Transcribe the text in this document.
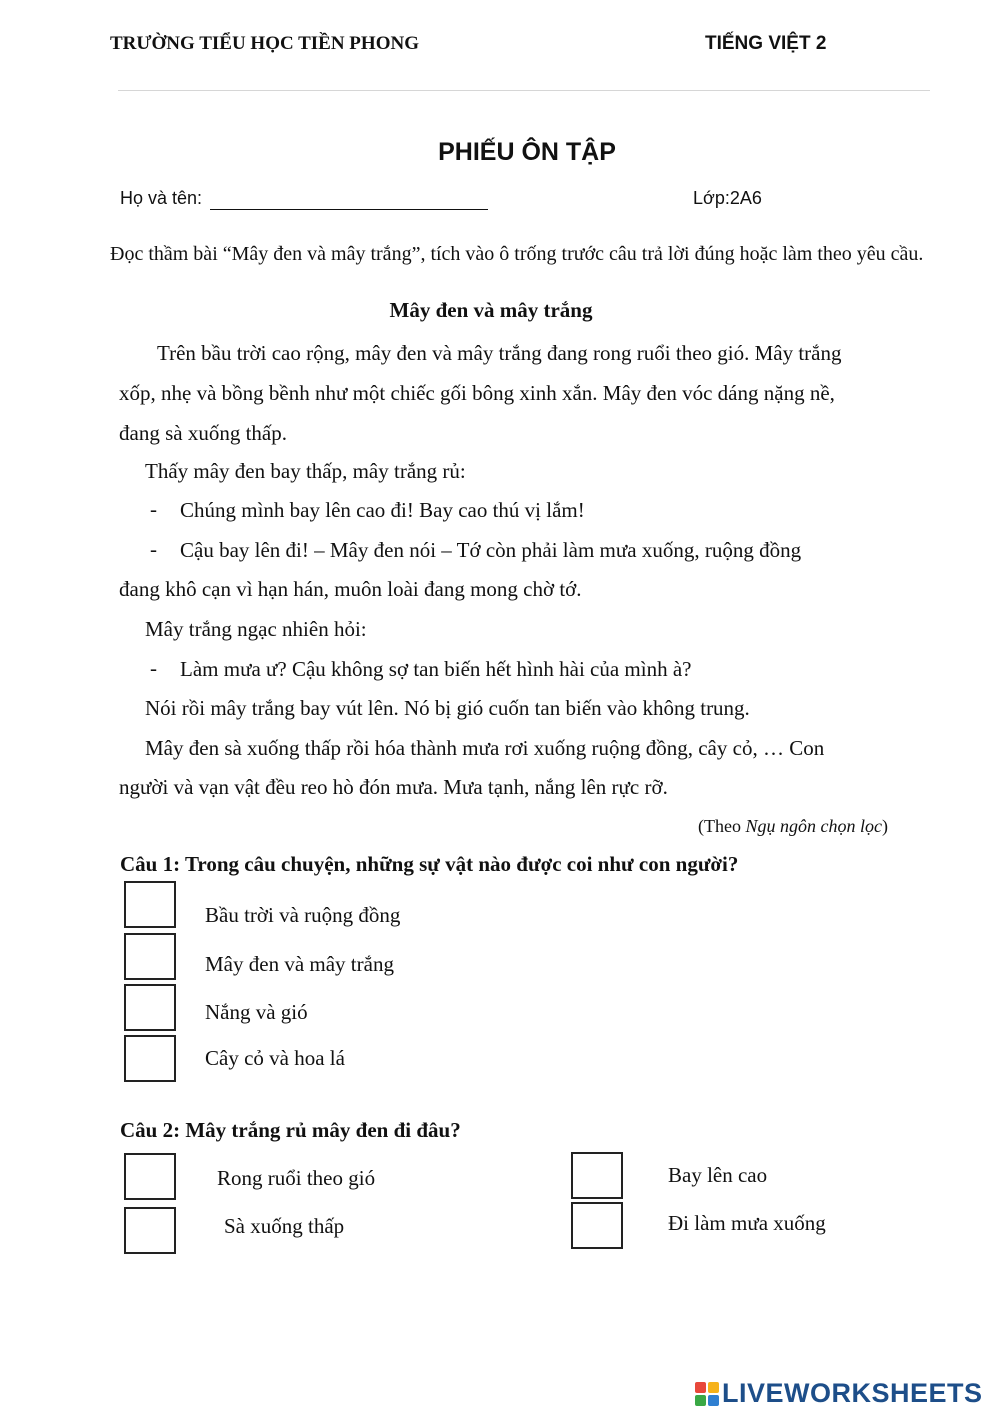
TRƯỜNG TIỂU HỌC TIỀN PHONG	TIẾNG VIỆT 2
PHIẾU ÔN TẬP
Họ và tên:	Lớp:2A6
Đọc thầm bài “Mây đen và mây trắng”, tích vào ô trống trước câu trả lời đúng hoặc làm theo yêu cầu.
Mây đen và mây trắng
Trên bầu trời cao rộng, mây đen và mây trắng đang rong ruổi theo gió. Mây trắng
xốp, nhẹ và bồng bềnh như một chiếc gối bông xinh xắn. Mây đen vóc dáng nặng nề,
đang sà xuống thấp.
Thấy mây đen bay thấp, mây trắng rủ:
- Chúng mình bay lên cao đi! Bay cao thú vị lắm!
- Cậu bay lên đi! – Mây đen nói – Tớ còn phải làm mưa xuống, ruộng đồng
đang khô cạn vì hạn hán, muôn loài đang mong chờ tớ.
Mây trắng ngạc nhiên hỏi:
- Làm mưa ư? Cậu không sợ tan biến hết hình hài của mình à?
Nói rồi mây trắng bay vút lên. Nó bị gió cuốn tan biến vào không trung.
Mây đen sà xuống thấp rồi hóa thành mưa rơi xuống ruộng đồng, cây cỏ, … Con
người và vạn vật đều reo hò đón mưa. Mưa tạnh, nắng lên rực rỡ.
(Theo Ngụ ngôn chọn lọc)
Câu 1: Trong câu chuyện, những sự vật nào được coi như con người?
Bầu trời và ruộng đồng
Mây đen và mây trắng
Nắng và gió
Cây cỏ và hoa lá
Câu 2: Mây trắng rủ mây đen đi đâu?
Rong ruổi theo gió
Sà xuống thấp
Bay lên cao
Đi làm mưa xuống
LIVEWORKSHEETS
